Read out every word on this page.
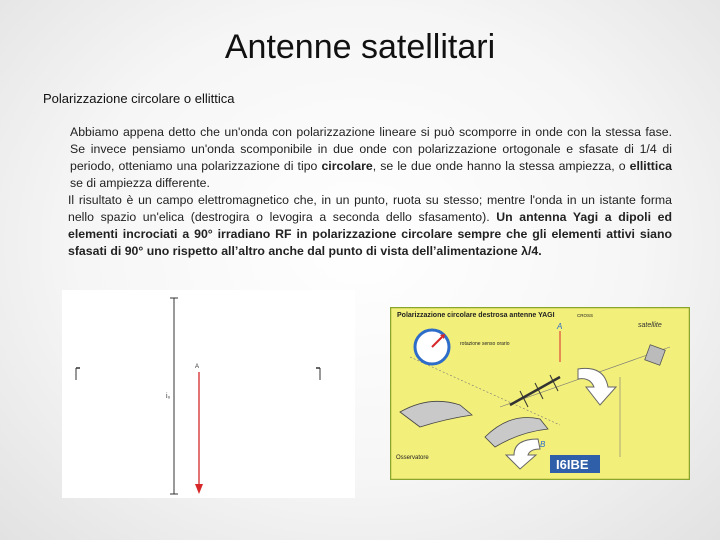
Antenne satellitari
Polarizzazione circolare o ellittica

Abbiamo appena detto che un'onda con polarizzazione lineare si può scomporre in onde con la stessa fase. Se invece pensiamo un'onda scomponibile in due onde con polarizzazione ortogonale e sfasate di 1/4 di periodo, otteniamo una polarizzazione di tipo circolare, se le due onde hanno la stessa ampiezza, o ellittica se di ampiezza differente.

Il risultato è un campo elettromagnetico che, in un punto, ruota su stesso; mentre l'onda in un istante forma nello spazio un'elica (destrogira o levogira a seconda dello sfasamento). Un antenna Yagi a dipoli ed elementi incrociati a 90° irradiano RF in polarizzazione circolare sempre che gli elementi attivi siano sfasati di 90° uno rispetto all’altro anche dal punto di vista dell’alimentazione λ/4.

A
i₀
Polarizzazione circolare destrosa antenne YAGI	CROSS
rotazione senso orario
A	satellite
Osservatore
B
I6IBE
